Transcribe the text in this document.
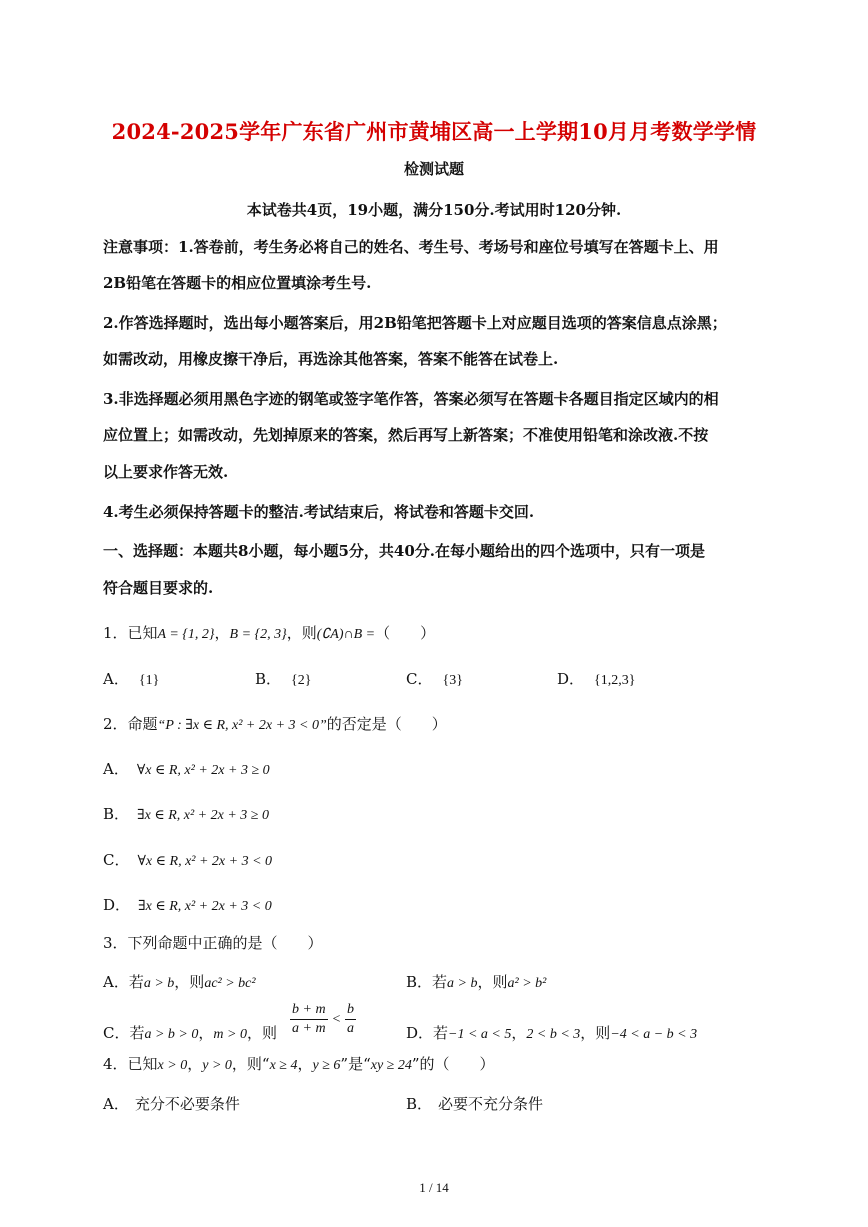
2024-2025学年广东省广州市黄埔区高一上学期10月月考数学学情
检测试题
本试卷共4页，19小题，满分150分.考试用时120分钟.
注意事项：1.答卷前，考生务必将自己的姓名、考生号、考场号和座位号填写在答题卡上、用
2B铅笔在答题卡的相应位置填涂考生号.
2.作答选择题时，选出每小题答案后，用2B铅笔把答题卡上对应题目选项的答案信息点涂黑；
如需改动，用橡皮擦干净后，再选涂其他答案，答案不能答在试卷上.
3.非选择题必须用黑色字迹的钢笔或签字笔作答，答案必须写在答题卡各题目指定区域内的相
应位置上；如需改动，先划掉原来的答案，然后再写上新答案；不准使用铅笔和涂改液.不按
以上要求作答无效.
4.考生必须保持答题卡的整洁.考试结束后，将试卷和答题卡交回.
一、选择题：本题共8小题，每小题5分，共40分.在每小题给出的四个选项中，只有一项是
符合题目要求的.
1．已知A = {1, 2}，B = {2, 3}，则(∁A)∩B =（　　）
A． {1}	B． {2}	C． {3}	D． {1,2,3}
2．命题“P : ∃x ∈ R, x² + 2x + 3 < 0”的否定是（　　）
A． ∀x ∈ R, x² + 2x + 3 ≥ 0
B． ∃x ∈ R, x² + 2x + 3 ≥ 0
C． ∀x ∈ R, x² + 2x + 3 < 0
D． ∃x ∈ R, x² + 2x + 3 < 0
3．下列命题中正确的是（　　）
A．若a > b，则ac² > bc²	B．若a > b，则a² > b²
C．若a > b > 0，m > 0，则
b + m
a + m
<
b
a	D．若−1 < a < 5，2 < b < 3，则−4 < a − b < 3
4．已知x > 0，y > 0，则“x ≥ 4，y ≥ 6”是“xy ≥ 24”的（　　）
A． 充分不必要条件	B． 必要不充分条件
1 / 14
